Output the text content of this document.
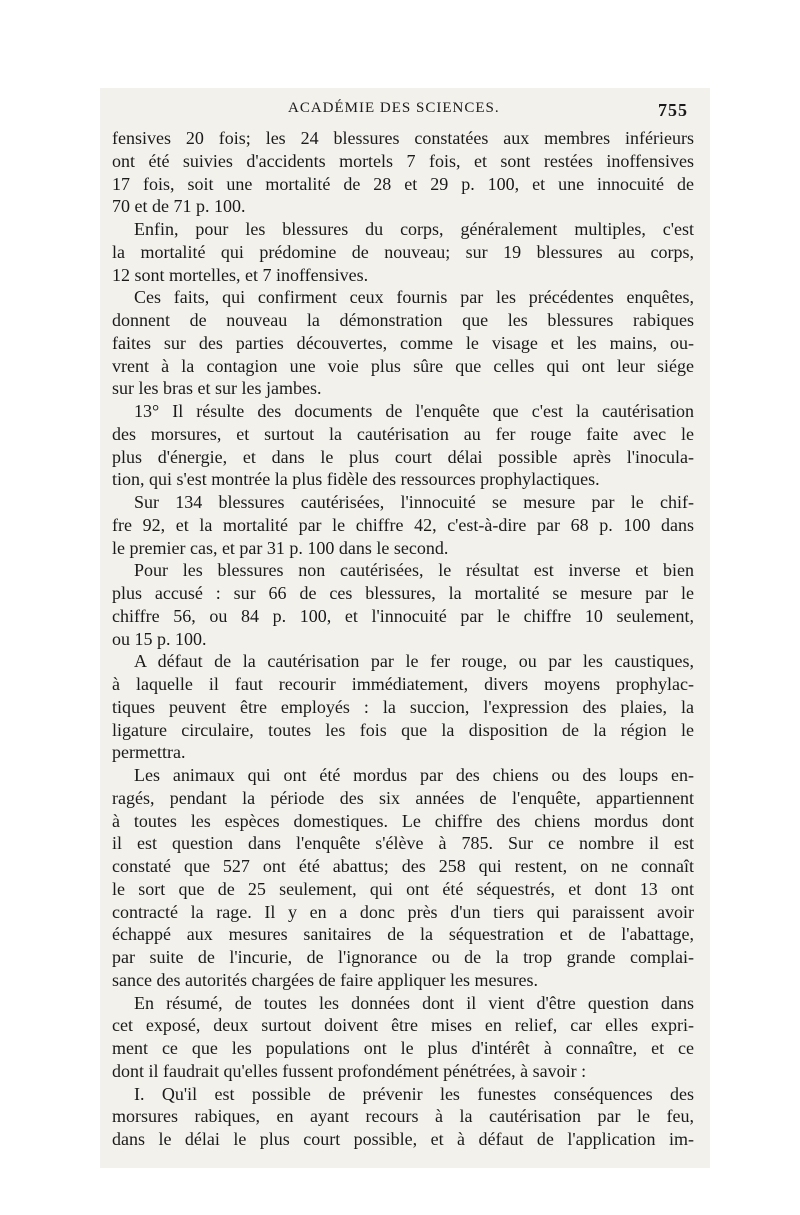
ACADÉMIE DES SCIENCES.	755
fensives 20 fois; les 24 blessures constatées aux membres inférieurs
ont été suivies d'accidents mortels 7 fois, et sont restées inoffensives
17 fois, soit une mortalité de 28 et 29 p. 100, et une innocuité de
70 et de 71 p. 100.
Enfin, pour les blessures du corps, généralement multiples, c'est
la mortalité qui prédomine de nouveau; sur 19 blessures au corps,
12 sont mortelles, et 7 inoffensives.
Ces faits, qui confirment ceux fournis par les précédentes enquêtes,
donnent de nouveau la démonstration que les blessures rabiques
faites sur des parties découvertes, comme le visage et les mains, ou-
vrent à la contagion une voie plus sûre que celles qui ont leur siége
sur les bras et sur les jambes.
13° Il résulte des documents de l'enquête que c'est la cautérisation
des morsures, et surtout la cautérisation au fer rouge faite avec le
plus d'énergie, et dans le plus court délai possible après l'inocula-
tion, qui s'est montrée la plus fidèle des ressources prophylactiques.
Sur 134 blessures cautérisées, l'innocuité se mesure par le chif-
fre 92, et la mortalité par le chiffre 42, c'est-à-dire par 68 p. 100 dans
le premier cas, et par 31 p. 100 dans le second.
Pour les blessures non cautérisées, le résultat est inverse et bien
plus accusé : sur 66 de ces blessures, la mortalité se mesure par le
chiffre 56, ou 84 p. 100, et l'innocuité par le chiffre 10 seulement,
ou 15 p. 100.
A défaut de la cautérisation par le fer rouge, ou par les caustiques,
à laquelle il faut recourir immédiatement, divers moyens prophylac-
tiques peuvent être employés : la succion, l'expression des plaies, la
ligature circulaire, toutes les fois que la disposition de la région le
permettra.
Les animaux qui ont été mordus par des chiens ou des loups en-
ragés, pendant la période des six années de l'enquête, appartiennent
à toutes les espèces domestiques. Le chiffre des chiens mordus dont
il est question dans l'enquête s'élève à 785. Sur ce nombre il est
constaté que 527 ont été abattus; des 258 qui restent, on ne connaît
le sort que de 25 seulement, qui ont été séquestrés, et dont 13 ont
contracté la rage. Il y en a donc près d'un tiers qui paraissent avoir
échappé aux mesures sanitaires de la séquestration et de l'abattage,
par suite de l'incurie, de l'ignorance ou de la trop grande complai-
sance des autorités chargées de faire appliquer les mesures.
En résumé, de toutes les données dont il vient d'être question dans
cet exposé, deux surtout doivent être mises en relief, car elles expri-
ment ce que les populations ont le plus d'intérêt à connaître, et ce
dont il faudrait qu'elles fussent profondément pénétrées, à savoir :
I. Qu'il est possible de prévenir les funestes conséquences des
morsures rabiques, en ayant recours à la cautérisation par le feu,
dans le délai le plus court possible, et à défaut de l'application im-
